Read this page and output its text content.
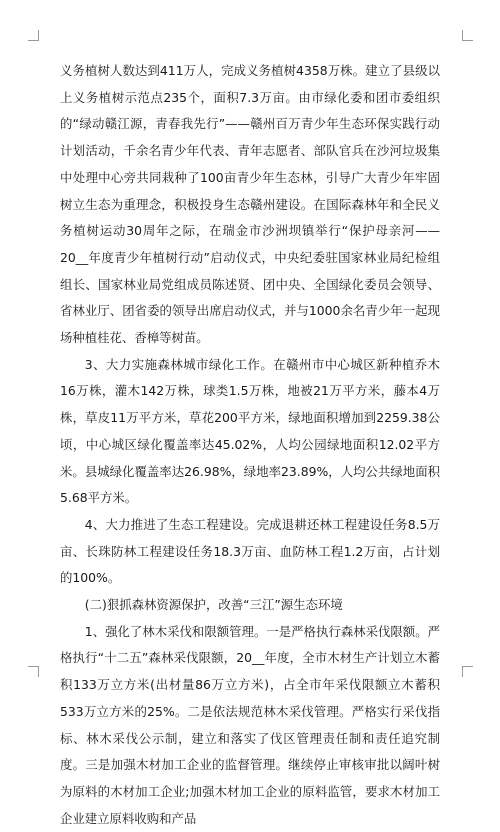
义务植树人数达到411万人，完成义务植树4358万株。建立了县级以上义务植树示范点235个，面积7.3万亩。由市绿化委和团市委组织的“绿动赣江源，青春我先行”——赣州百万青少年生态环保实践行动计划活动，千余名青少年代表、青年志愿者、部队官兵在沙河垃圾集中处理中心旁共同栽种了100亩青少年生态林，引导广大青少年牢固树立生态为重理念，积极投身生态赣州建设。在国际森林年和全民义务植树运动30周年之际，在瑞金市沙洲坝镇举行“保护母亲河——20__年度青少年植树行动”启动仪式，中央纪委驻国家林业局纪检组组长、国家林业局党组成员陈述贤、团中央、全国绿化委员会领导、省林业厅、团省委的领导出席启动仪式，并与1000余名青少年一起现场种植桂花、香樟等树苗。

3、大力实施森林城市绿化工作。在赣州市中心城区新种植乔木16万株，灌木142万株，球类1.5万株，地被21万平方米，藤本4万株，草皮11万平方米，草花200平方米，绿地面积增加到2259.38公顷，中心城区绿化覆盖率达45.02%，人均公园绿地面积12.02平方米。县城绿化覆盖率达26.98%，绿地率23.89%，人均公共绿地面积5.68平方米。

4、大力推进了生态工程建设。完成退耕还林工程建设任务8.5万亩、长珠防林工程建设任务18.3万亩、血防林工程1.2万亩，占计划的100%。

(二)狠抓森林资源保护，改善“三江”源生态环境

1、强化了林木采伐和限额管理。一是严格执行森林采伐限额。严格执行“十二五”森林采伐限额，20__年度，全市木材生产计划立木蓄积133万立方米(出材量86万立方米)，占全市年采伐限额立木蓄积533万立方米的25%。二是依法规范林木采伐管理。严格实行采伐指标、林木采伐公示制，建立和落实了伐区管理责任制和责任追究制度。三是加强木材加工企业的监督管理。继续停止审核审批以阔叶树为原料的木材加工企业;加强木材加工企业的原料监管，要求木材加工企业建立原料收购和产品
